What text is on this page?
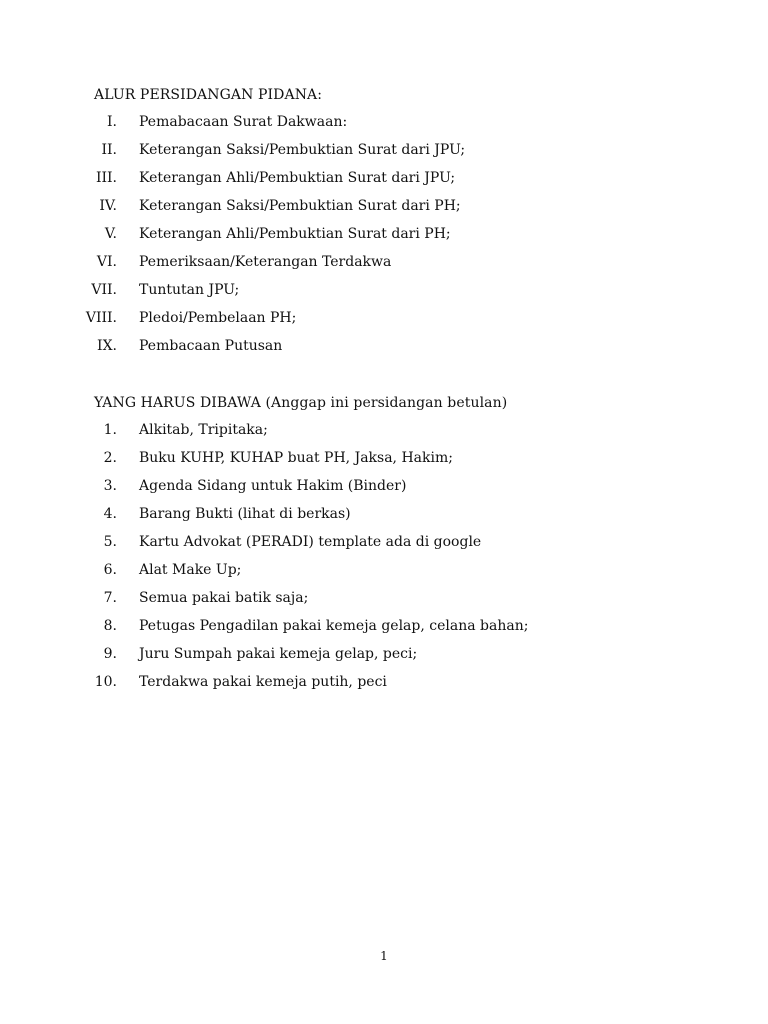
ALUR PERSIDANGAN PIDANA:
I. Pemabacaan Surat Dakwaan:
II. Keterangan Saksi/Pembuktian Surat dari JPU;
III. Keterangan Ahli/Pembuktian Surat dari JPU;
IV. Keterangan Saksi/Pembuktian Surat dari PH;
V. Keterangan Ahli/Pembuktian Surat dari PH;
VI. Pemeriksaan/Keterangan Terdakwa
VII. Tuntutan JPU;
VIII. Pledoi/Pembelaan PH;
IX. Pembacaan Putusan
YANG HARUS DIBAWA (Anggap ini persidangan betulan)
1. Alkitab, Tripitaka;
2. Buku KUHP, KUHAP buat PH, Jaksa, Hakim;
3. Agenda Sidang untuk Hakim (Binder)
4. Barang Bukti (lihat di berkas)
5. Kartu Advokat (PERADI) template ada di google
6. Alat Make Up;
7. Semua pakai batik saja;
8. Petugas Pengadilan pakai kemeja gelap, celana bahan;
9. Juru Sumpah pakai kemeja gelap, peci;
10. Terdakwa pakai kemeja putih, peci
1
